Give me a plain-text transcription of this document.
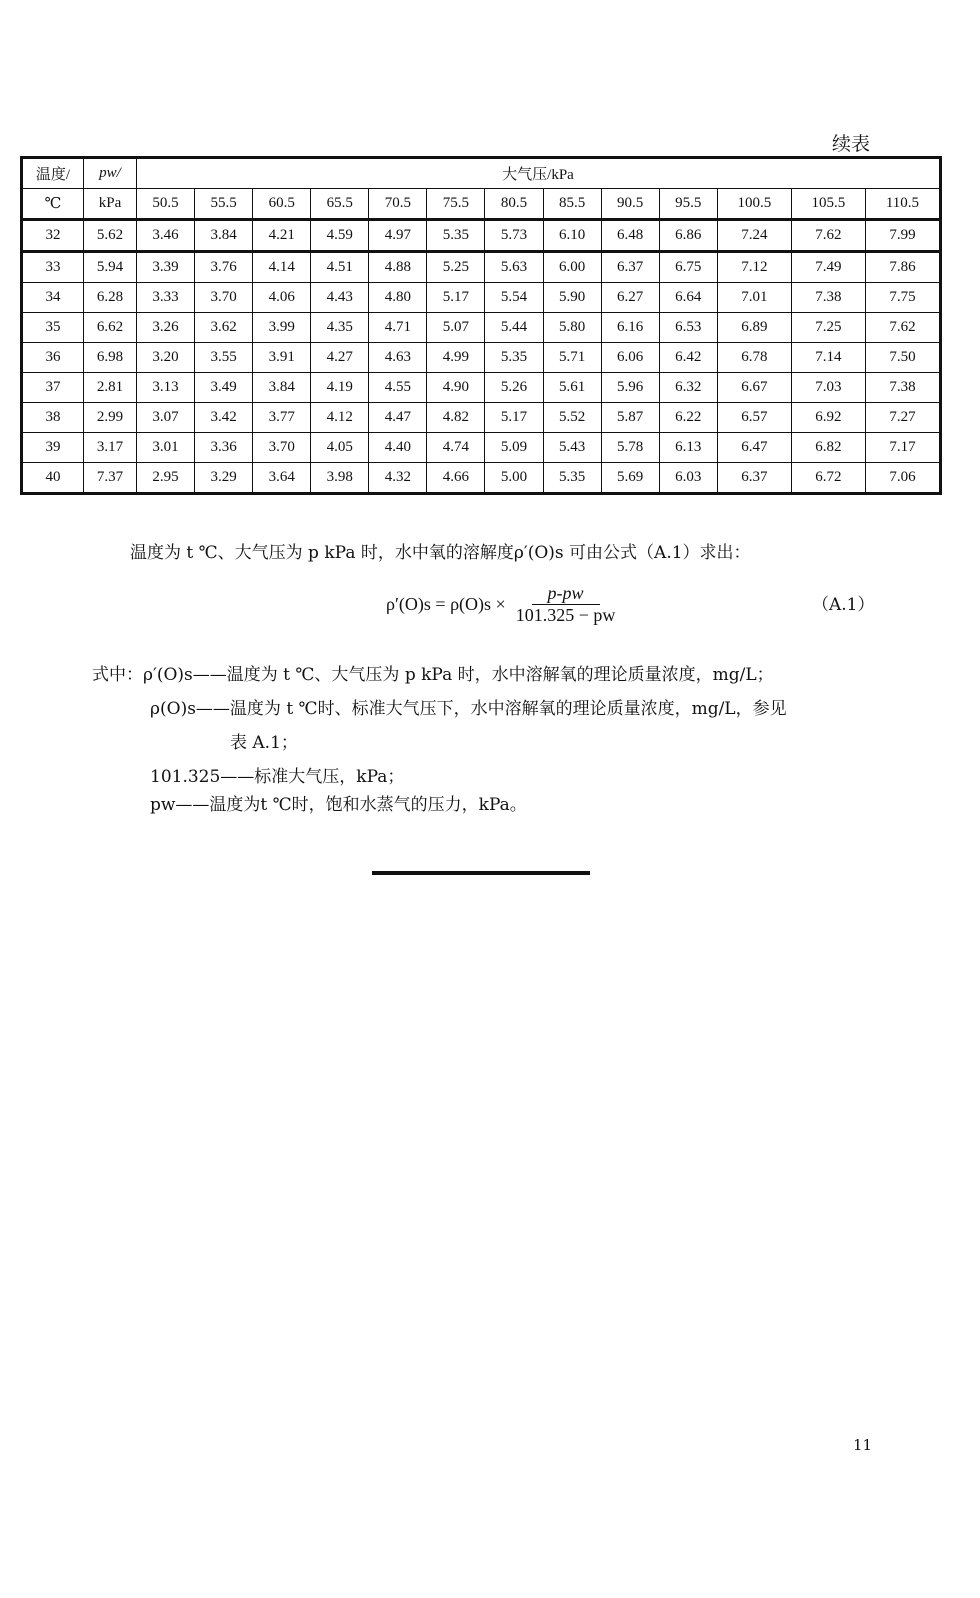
续表
温度/	pw/	大气压/kPa												
℃	kPa	50.5	55.5	60.5	65.5	70.5	75.5	80.5	85.5	90.5	95.5	100.5	105.5	110.5
32	5.62	3.46	3.84	4.21	4.59	4.97	5.35	5.73	6.10	6.48	6.86	7.24	7.62	7.99
33	5.94	3.39	3.76	4.14	4.51	4.88	5.25	5.63	6.00	6.37	6.75	7.12	7.49	7.86
34	6.28	3.33	3.70	4.06	4.43	4.80	5.17	5.54	5.90	6.27	6.64	7.01	7.38	7.75
35	6.62	3.26	3.62	3.99	4.35	4.71	5.07	5.44	5.80	6.16	6.53	6.89	7.25	7.62
36	6.98	3.20	3.55	3.91	4.27	4.63	4.99	5.35	5.71	6.06	6.42	6.78	7.14	7.50
37	2.81	3.13	3.49	3.84	4.19	4.55	4.90	5.26	5.61	5.96	6.32	6.67	7.03	7.38
38	2.99	3.07	3.42	3.77	4.12	4.47	4.82	5.17	5.52	5.87	6.22	6.57	6.92	7.27
39	3.17	3.01	3.36	3.70	4.05	4.40	4.74	5.09	5.43	5.78	6.13	6.47	6.82	7.17
40	7.37	2.95	3.29	3.64	3.98	4.32	4.66	5.00	5.35	5.69	6.03	6.37	6.72	7.06
温度为 t ℃、大气压为 p kPa 时，水中氧的溶解度ρ′(O)s 可由公式（A.1）求出：
$\rho'(O)s = \rho(O)s \times \frac{p-pw}{101.325 - pw}$	（A.1）
式中：ρ′(O)s——温度为 t ℃、大气压为 p kPa 时，水中溶解氧的理论质量浓度，mg/L；
ρ(O)s——温度为 t ℃时、标准大气压下，水中溶解氧的理论质量浓度，mg/L，参见
表 A.1；
101.325——标准大气压，kPa；
pw——温度为t ℃时，饱和水蒸气的压力，kPa。
11
